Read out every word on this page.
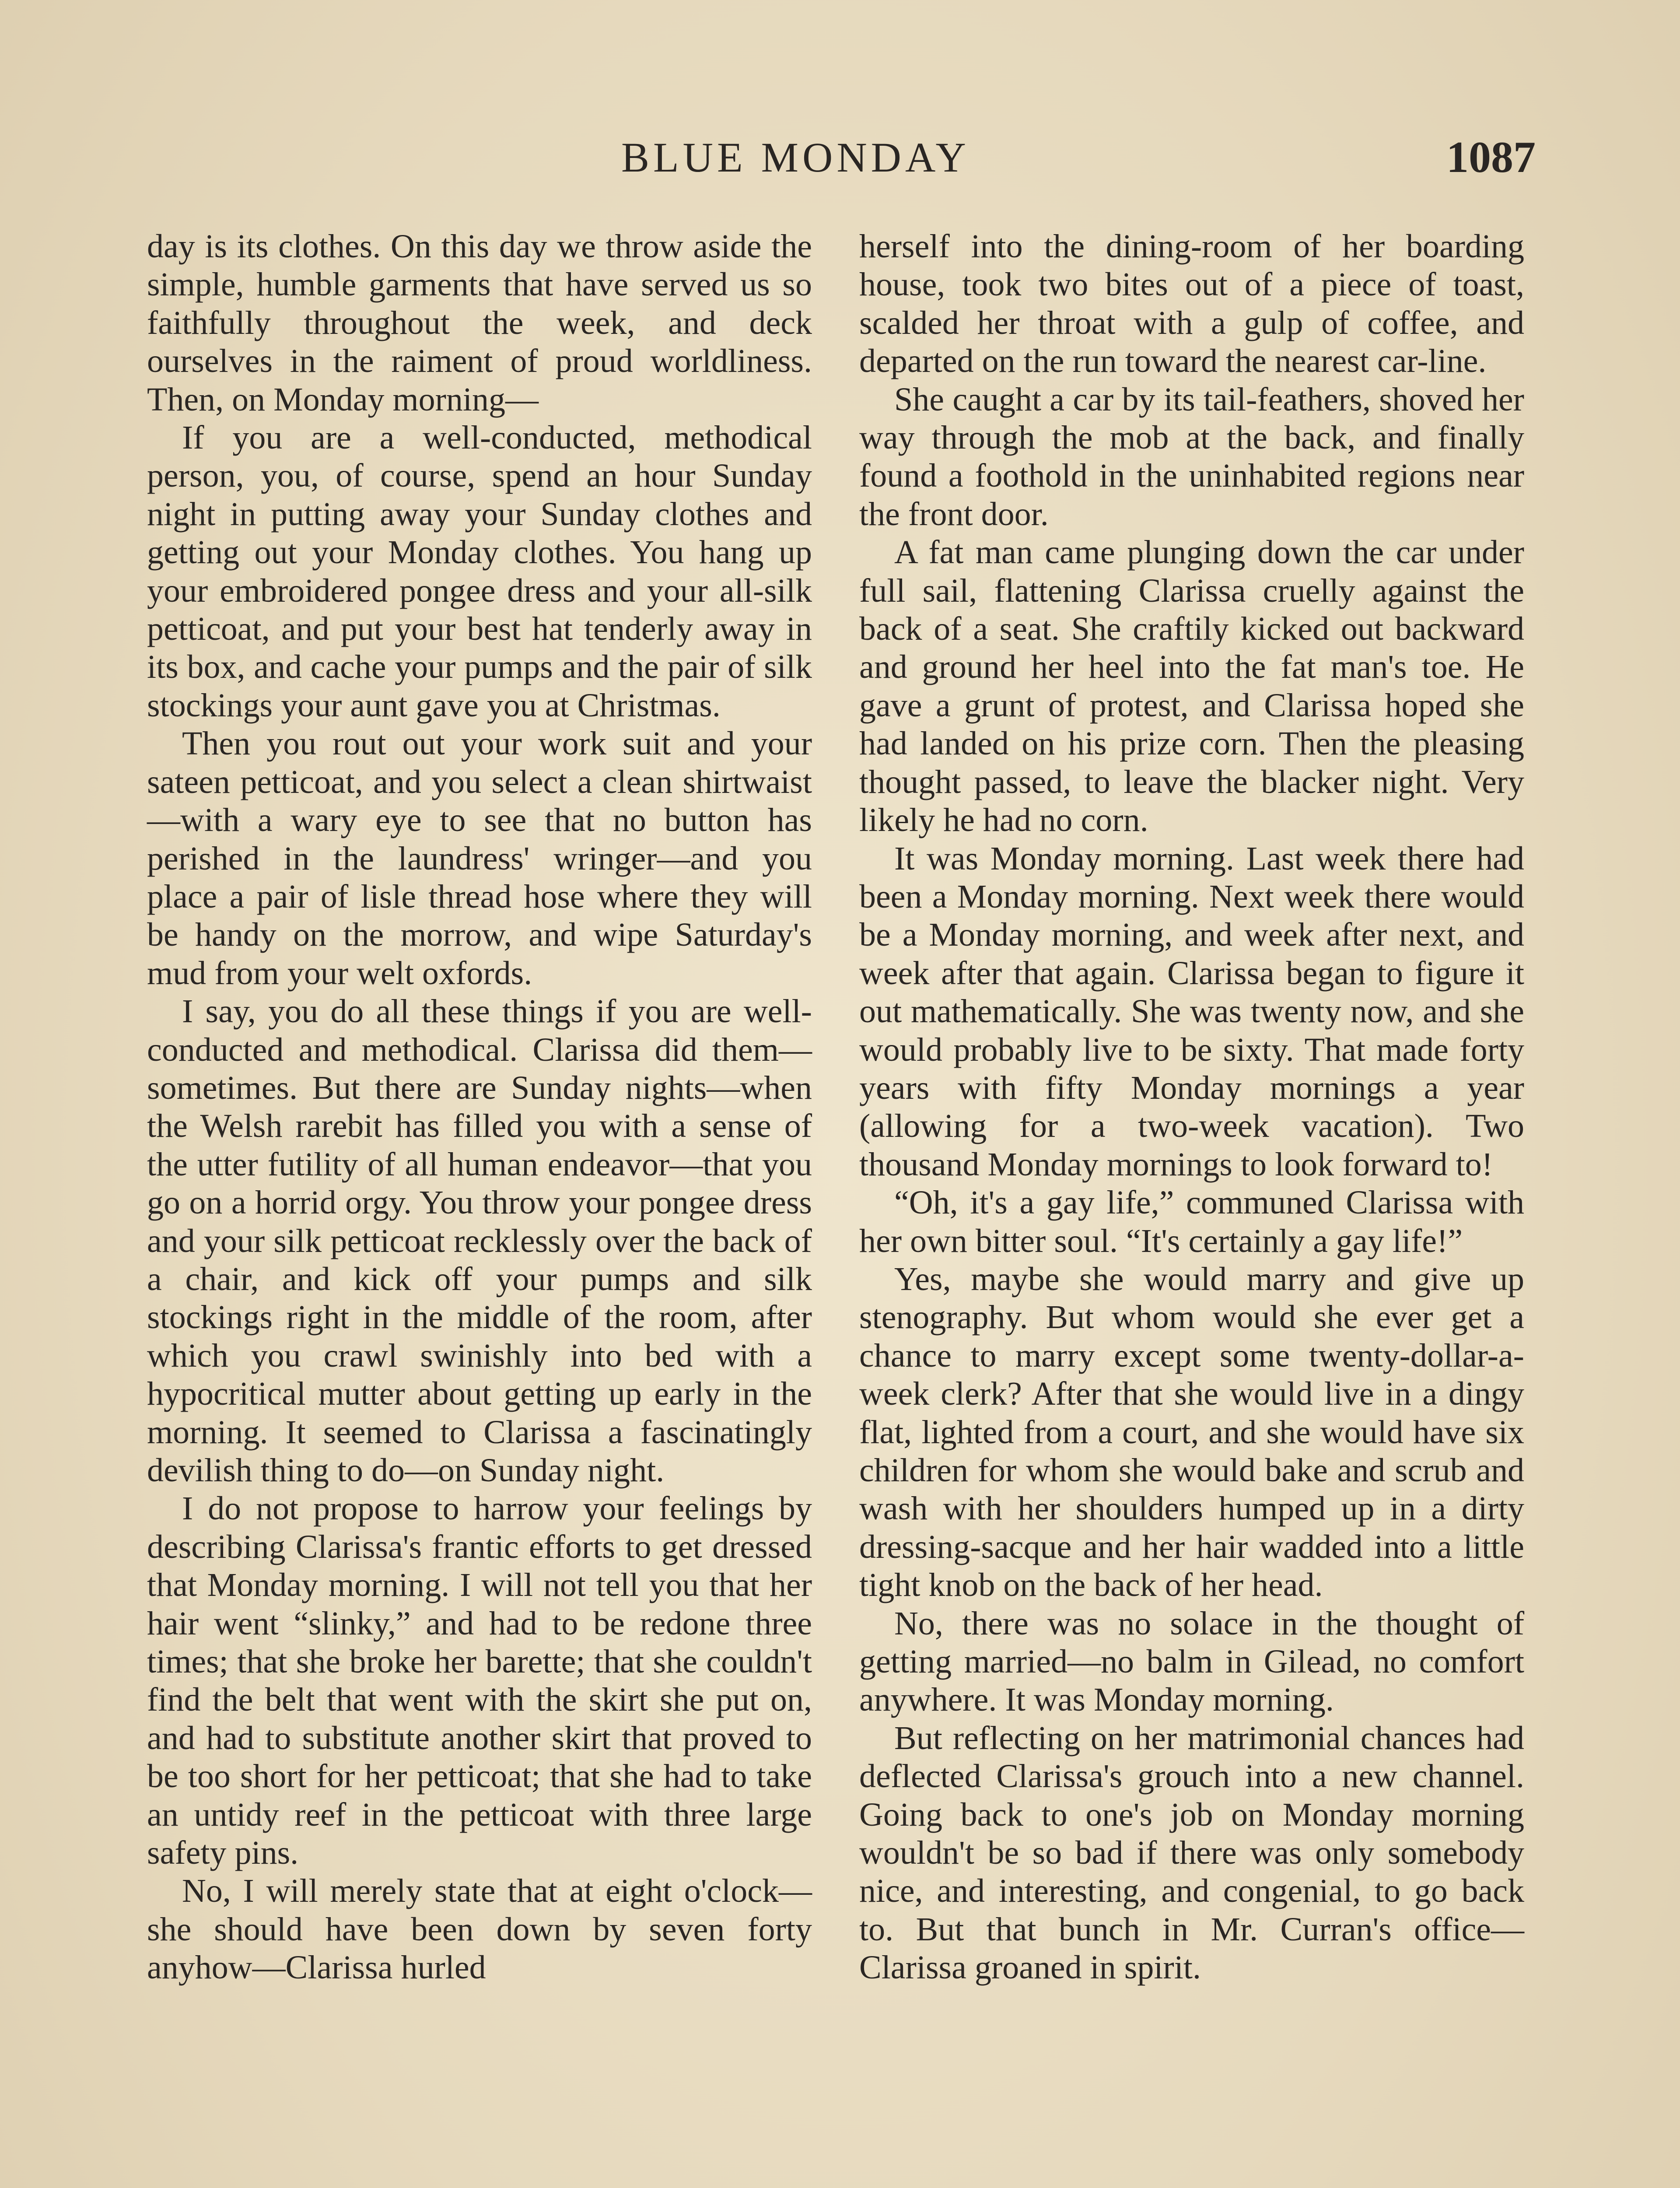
BLUE MONDAY	1087

day is its clothes. On this day we throw aside the simple, humble garments that have served us so faithfully throughout the week, and deck ourselves in the raiment of proud worldliness. Then, on Monday morning—

If you are a well-conducted, methodical person, you, of course, spend an hour Sunday night in putting away your Sunday clothes and getting out your Monday clothes. You hang up your embroidered pongee dress and your all-silk petticoat, and put your best hat tenderly away in its box, and cache your pumps and the pair of silk stockings your aunt gave you at Christmas.

Then you rout out your work suit and your sateen petticoat, and you select a clean shirtwaist—with a wary eye to see that no button has perished in the laundress' wringer—and you place a pair of lisle thread hose where they will be handy on the morrow, and wipe Saturday's mud from your welt oxfords.

I say, you do all these things if you are well-conducted and methodical. Clarissa did them—sometimes. But there are Sunday nights—when the Welsh rarebit has filled you with a sense of the utter futility of all human endeavor—that you go on a horrid orgy. You throw your pongee dress and your silk petticoat recklessly over the back of a chair, and kick off your pumps and silk stockings right in the middle of the room, after which you crawl swinishly into bed with a hypocritical mutter about getting up early in the morning. It seemed to Clarissa a fascinatingly devilish thing to do—on Sunday night.

I do not propose to harrow your feelings by describing Clarissa's frantic efforts to get dressed that Monday morning. I will not tell you that her hair went “slinky,” and had to be redone three times; that she broke her barette; that she couldn't find the belt that went with the skirt she put on, and had to substitute another skirt that proved to be too short for her petticoat; that she had to take an untidy reef in the petticoat with three large safety pins.

No, I will merely state that at eight o'clock—she should have been down by seven forty anyhow—Clarissa hurled

herself into the dining-room of her boarding house, took two bites out of a piece of toast, scalded her throat with a gulp of coffee, and departed on the run toward the nearest car-line.

She caught a car by its tail-feathers, shoved her way through the mob at the back, and finally found a foothold in the uninhabited regions near the front door.

A fat man came plunging down the car under full sail, flattening Clarissa cruelly against the back of a seat. She craftily kicked out backward and ground her heel into the fat man's toe. He gave a grunt of protest, and Clarissa hoped she had landed on his prize corn. Then the pleasing thought passed, to leave the blacker night. Very likely he had no corn.

It was Monday morning. Last week there had been a Monday morning. Next week there would be a Monday morning, and week after next, and week after that again. Clarissa began to figure it out mathematically. She was twenty now, and she would probably live to be sixty. That made forty years with fifty Monday mornings a year (allowing for a two-week vacation). Two thousand Monday mornings to look forward to!

“Oh, it's a gay life,” communed Clarissa with her own bitter soul. “It's certainly a gay life!”

Yes, maybe she would marry and give up stenography. But whom would she ever get a chance to marry except some twenty-dollar-a-week clerk? After that she would live in a dingy flat, lighted from a court, and she would have six children for whom she would bake and scrub and wash with her shoulders humped up in a dirty dressing-sacque and her hair wadded into a little tight knob on the back of her head.

No, there was no solace in the thought of getting married—no balm in Gilead, no comfort anywhere. It was Monday morning.

But reflecting on her matrimonial chances had deflected Clarissa's grouch into a new channel. Going back to one's job on Monday morning wouldn't be so bad if there was only somebody nice, and interesting, and congenial, to go back to. But that bunch in Mr. Curran's office—Clarissa groaned in spirit.
